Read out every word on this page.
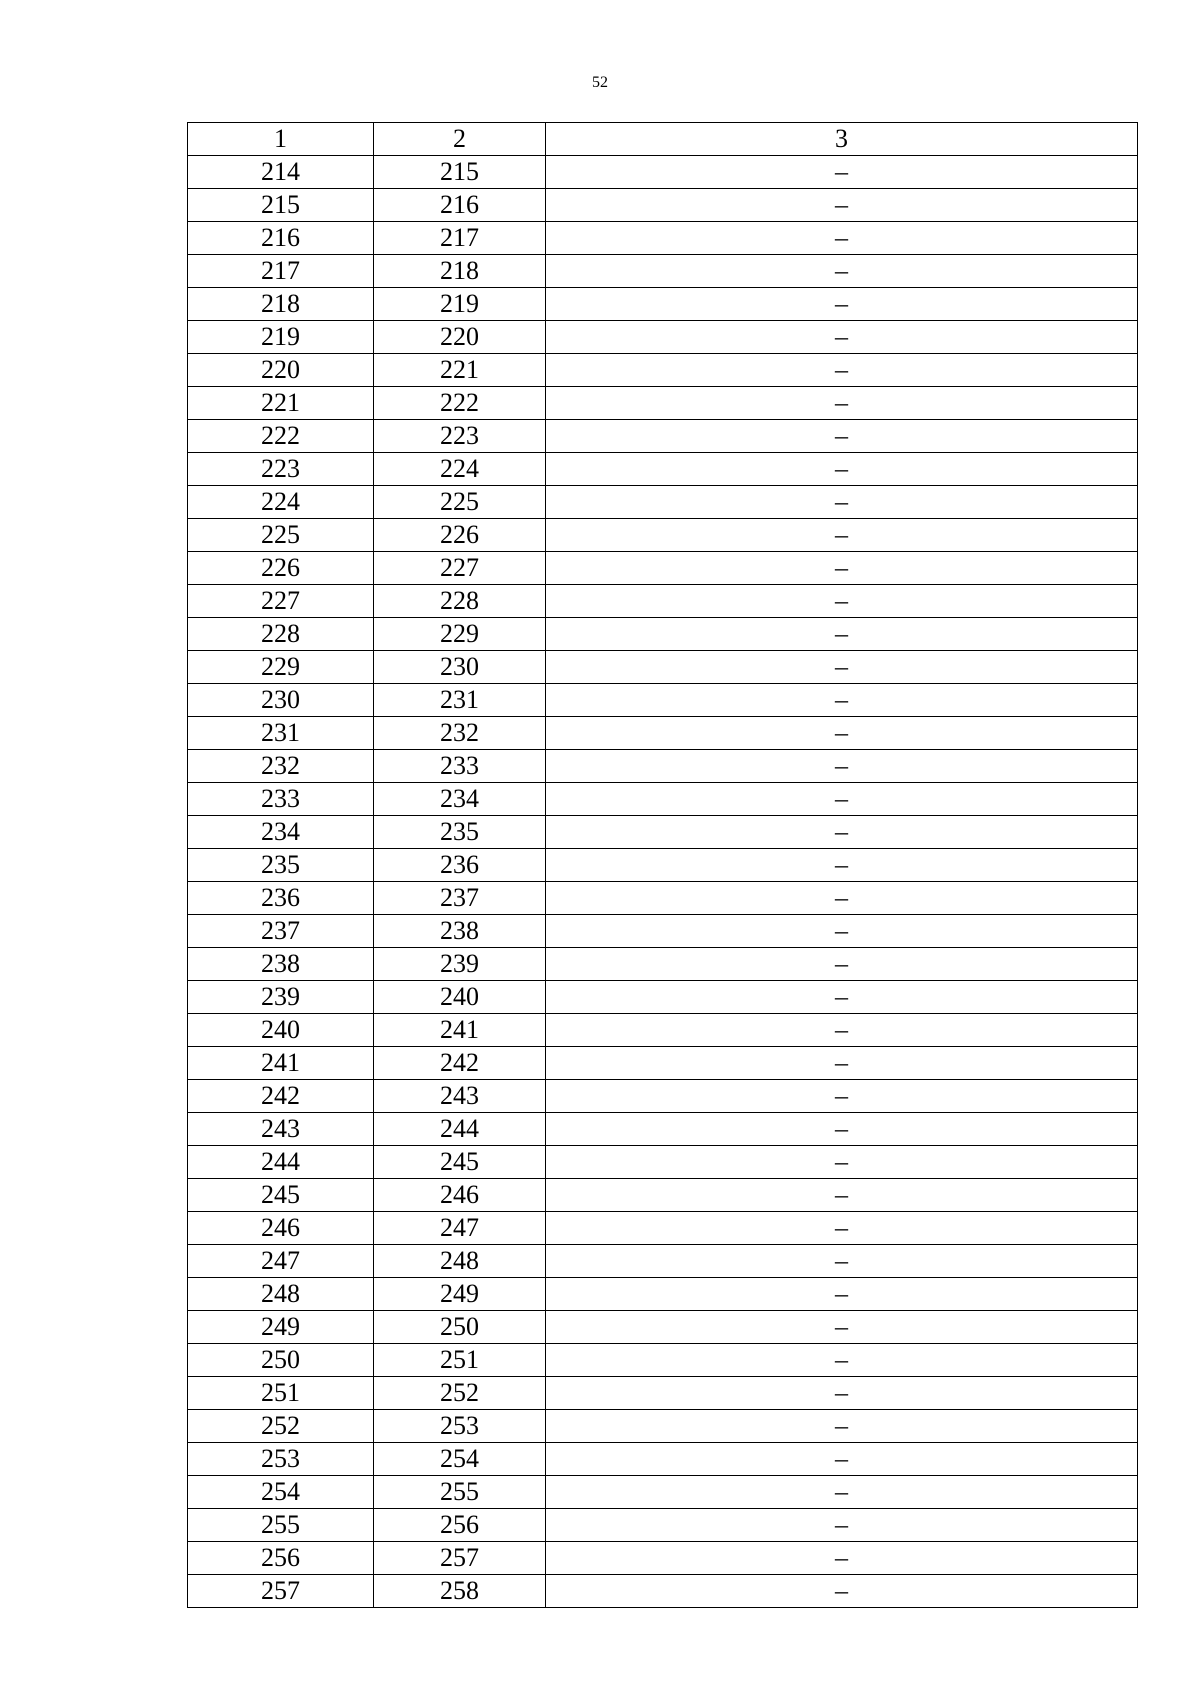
52
1	2	3
214	215	–
215	216	–
216	217	–
217	218	–
218	219	–
219	220	–
220	221	–
221	222	–
222	223	–
223	224	–
224	225	–
225	226	–
226	227	–
227	228	–
228	229	–
229	230	–
230	231	–
231	232	–
232	233	–
233	234	–
234	235	–
235	236	–
236	237	–
237	238	–
238	239	–
239	240	–
240	241	–
241	242	–
242	243	–
243	244	–
244	245	–
245	246	–
246	247	–
247	248	–
248	249	–
249	250	–
250	251	–
251	252	–
252	253	–
253	254	–
254	255	–
255	256	–
256	257	–
257	258	–
